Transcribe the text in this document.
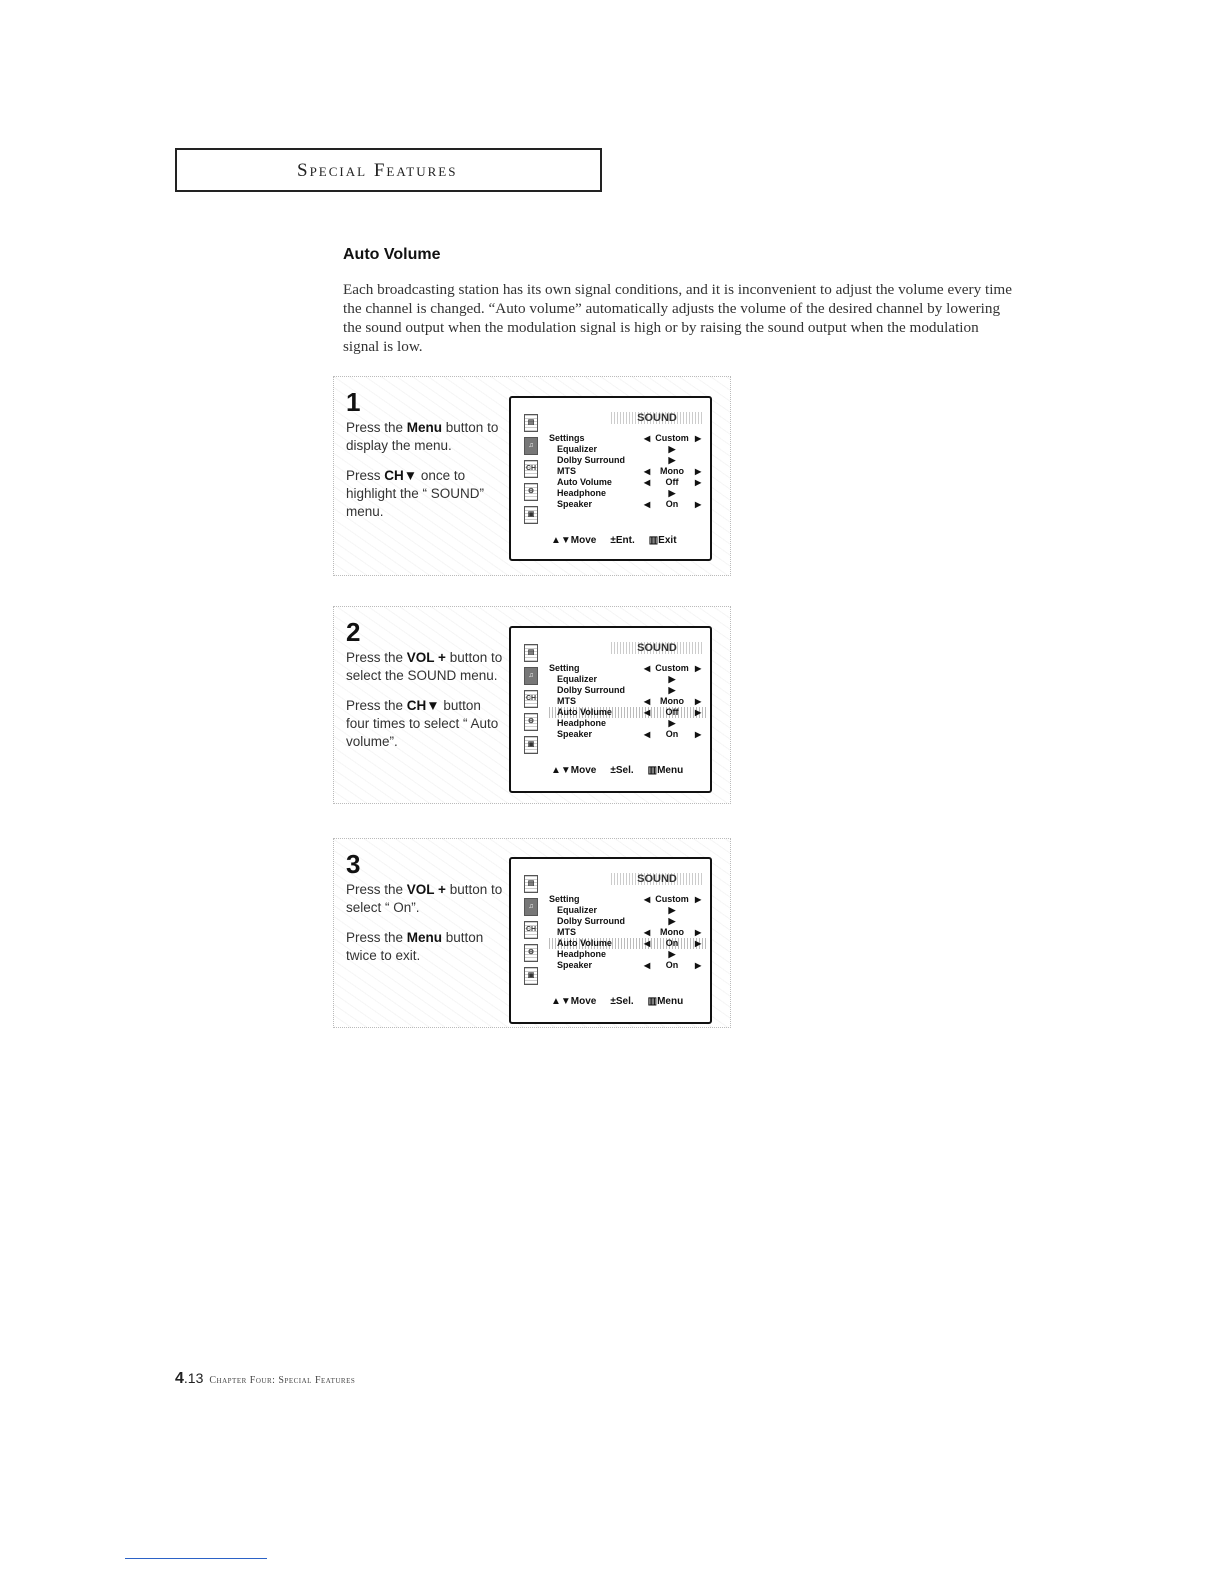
Special Features
Auto Volume

Each broadcasting station has its own signal conditions, and it is inconvenient to adjust the volume every time the channel is changed. “Auto volume” automatically adjusts the volume of the desired channel by lowering the sound output when the modulation signal is high or by raising the sound output when the modulation signal is low.

1

Press the Menu button to display the menu.

Press CH▼ once to highlight the “ SOUND” menu.

▤
♫
CH
⚙
▣
SOUND
Settings	◀ Custom ▶
Equalizer	▶
Dolby Surround	▶
MTS	◀	Mono	▶
Auto Volume	◀	Off	▶
Headphone	▶
Speaker	◀	On	▶
▲▼Move ±Ent. ▥Exit
2

Press the VOL + button to select the SOUND menu.

Press the CH▼ button four times to select “ Auto volume”.

▤
♫
CH
⚙
▣
SOUND
Setting	◀ Custom ▶
Equalizer	▶
Dolby Surround	▶
MTS	◀	Mono	▶
Auto Volume	◀	Off	▶
Headphone	▶
Speaker	◀	On	▶
▲▼Move ±Sel. ▥Menu
3

Press the VOL + button to select “ On”.

Press the Menu button twice to exit.

▤
♫
CH
⚙
▣
SOUND
Setting	◀ Custom ▶
Equalizer	▶
Dolby Surround	▶
MTS	◀	Mono	▶
Auto Volume	◀	On	▶
Headphone	▶
Speaker	◀	On	▶
▲▼Move ±Sel. ▥Menu
4.13 Chapter Four: Special Features
